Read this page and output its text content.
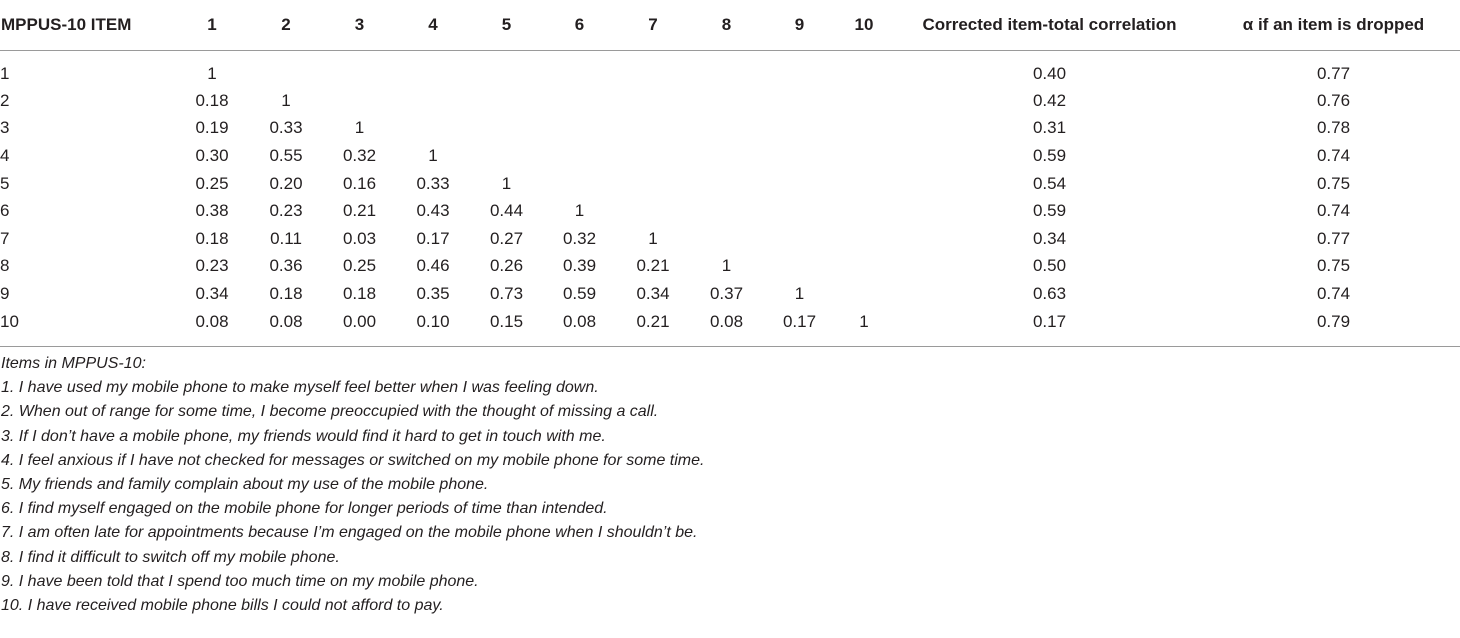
MPPUS-10 ITEM	1	2	3	4	5	6	7	8	9	10	Corrected item-total correlation	α if an item is dropped
1	1										0.40	0.77
2	0.18	1									0.42	0.76
3	0.19	0.33	1								0.31	0.78
4	0.30	0.55	0.32	1							0.59	0.74
5	0.25	0.20	0.16	0.33	1						0.54	0.75
6	0.38	0.23	0.21	0.43	0.44	1					0.59	0.74
7	0.18	0.11	0.03	0.17	0.27	0.32	1				0.34	0.77
8	0.23	0.36	0.25	0.46	0.26	0.39	0.21	1			0.50	0.75
9	0.34	0.18	0.18	0.35	0.73	0.59	0.34	0.37	1		0.63	0.74
10	0.08	0.08	0.00	0.10	0.15	0.08	0.21	0.08	0.17	1	0.17	0.79
Items in MPPUS-10:
1. I have used my mobile phone to make myself feel better when I was feeling down.
2. When out of range for some time, I become preoccupied with the thought of missing a call.
3. If I don’t have a mobile phone, my friends would find it hard to get in touch with me.
4. I feel anxious if I have not checked for messages or switched on my mobile phone for some time.
5. My friends and family complain about my use of the mobile phone.
6. I find myself engaged on the mobile phone for longer periods of time than intended.
7. I am often late for appointments because I’m engaged on the mobile phone when I shouldn’t be.
8. I find it difficult to switch off my mobile phone.
9. I have been told that I spend too much time on my mobile phone.
10. I have received mobile phone bills I could not afford to pay.
